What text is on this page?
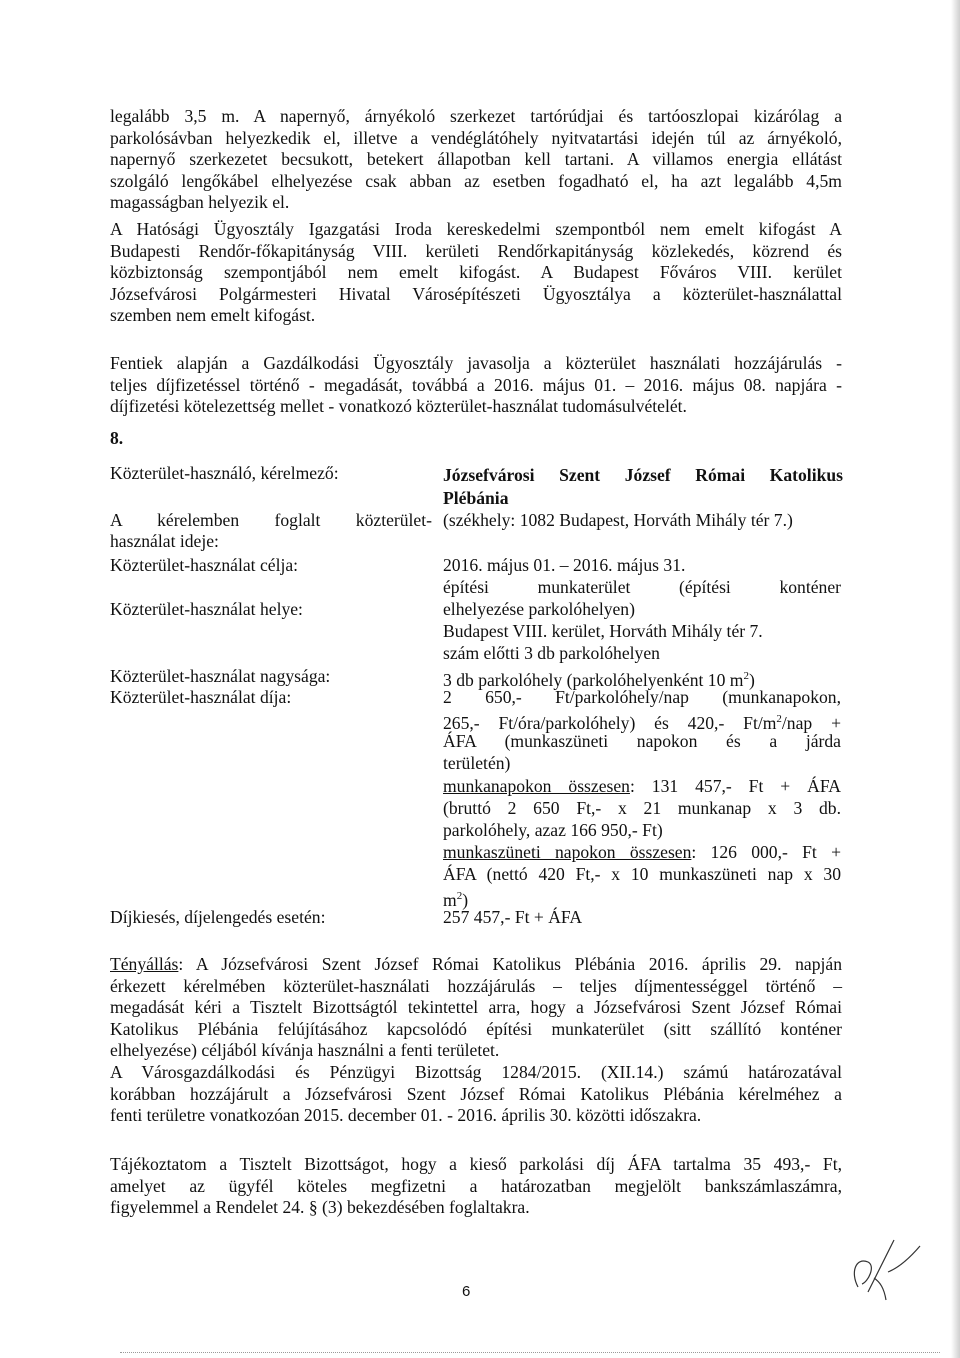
legalább 3,5 m. A napernyő, árnyékoló szerkezet tartórúdjai és tartóoszlopai kizárólag a
parkolósávban helyezkedik el, illetve a vendéglátóhely nyitvatartási idején túl az árnyékoló,
napernyő szerkezetet becsukott, betekert állapotban kell tartani. A villamos energia ellátást
szolgáló lengőkábel elhelyezése csak abban az esetben fogadható el, ha azt legalább 4,5m
magasságban helyezik el.
A Hatósági Ügyosztály Igazgatási Iroda kereskedelmi szempontból nem emelt kifogást A
Budapesti Rendőr-főkapitányság VIII. kerületi Rendőrkapitányság közlekedés, közrend és
közbiztonság szempontjából nem emelt kifogást. A Budapest Főváros VIII. kerület
Józsefvárosi Polgármesteri Hivatal Városépítészeti Ügyosztálya a közterület-használattal
szemben nem emelt kifogást.
Fentiek alapján a Gazdálkodási Ügyosztály javasolja a közterület használati hozzájárulás -
teljes díjfizetéssel történő - megadását, továbbá a 2016. május 01. – 2016. május 08. napjára -
díjfizetési kötelezettség mellet - vonatkozó közterület-használat tudomásulvételét.
8.
Közterület-használó, kérelmező:
A kérelemben foglalt közterület-
használat ideje:
Közterület-használat célja:
Közterület-használat helye:
Közterület-használat nagysága:
Közterület-használat díja:
Díjkiesés, díjelengedés esetén:
Józsefvárosi Szent József Római Katolikus
Plébánia
(székhely: 1082 Budapest, Horváth Mihály tér 7.)
2016. május 01. – 2016. május 31.
építési munkaterület (építési konténer
elhelyezése parkolóhelyen)
Budapest VIII. kerület, Horváth Mihály tér 7.
szám előtti 3 db parkolóhelyen
3 db parkolóhely (parkolóhelyenként 10 $m^2$)
2 650,- Ft/parkolóhely/nap (munkanapokon,
265,- Ft/óra/parkolóhely) és 420,- $Ft/m^2$/nap +
ÁFA (munkaszüneti napokon és a járda
területén)
munkanapokon összesen: 131 457,- Ft + ÁFA
(bruttó 2 650 Ft,- x 21 munkanap x 3 db.
parkolóhely, azaz 166 950,- Ft)
munkaszüneti napokon összesen: 126 000,- Ft +
ÁFA (nettó 420 Ft,- x 10 munkaszüneti nap x 30
$m^2$)
257 457,- Ft + ÁFA
Tényállás: A Józsefvárosi Szent József Római Katolikus Plébánia 2016. április 29. napján
érkezett kérelmében közterület-használati hozzájárulás – teljes díjmentességgel történő –
megadását kéri a Tisztelt Bizottságtól tekintettel arra, hogy a Józsefvárosi Szent József Római
Katolikus Plébánia felújításához kapcsolódó építési munkaterület (sitt szállító konténer
elhelyezése) céljából kívánja használni a fenti területet.
A Városgazdálkodási és Pénzügyi Bizottság 1284/2015. (XII.14.) számú határozatával
korábban hozzájárult a Józsefvárosi Szent József Római Katolikus Plébánia kérelméhez a
fenti területre vonatkozóan 2015. december 01. - 2016. április 30. közötti időszakra.
Tájékoztatom a Tisztelt Bizottságot, hogy a kieső parkolási díj ÁFA tartalma 35 493,- Ft,
amelyet az ügyfél köteles megfizetni a határozatban megjelölt bankszámlaszámra,
figyelemmel a Rendelet 24. § (3) bekezdésében foglaltakra.
6
